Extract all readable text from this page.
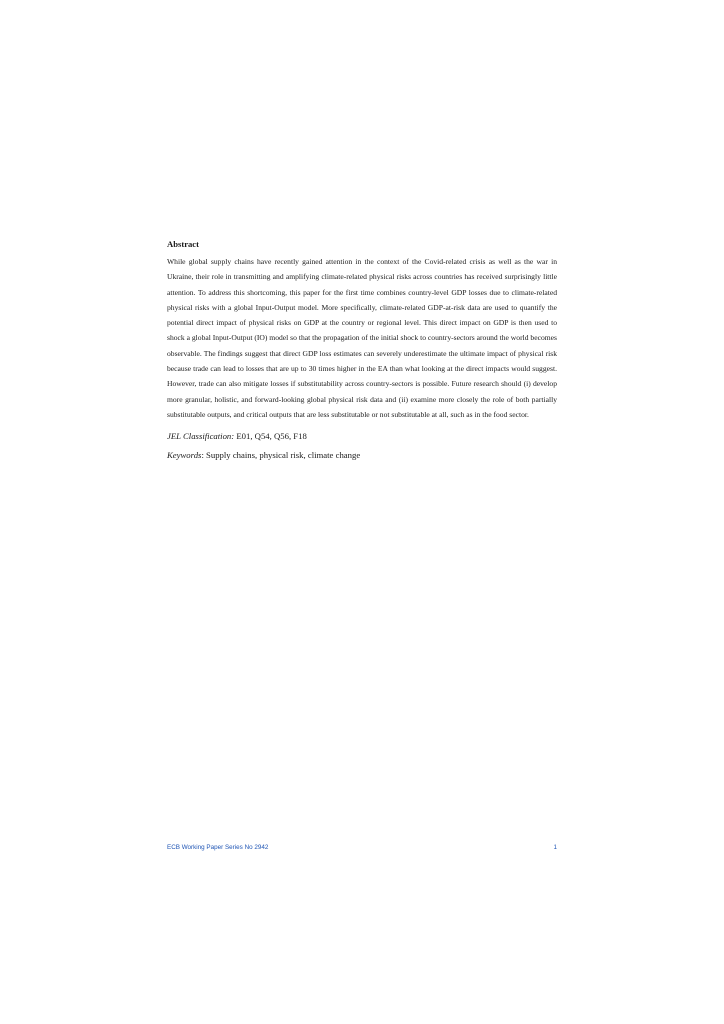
Abstract

While global supply chains have recently gained attention in the context of the Covid-related crisis as well as the war in Ukraine, their role in transmitting and amplifying climate-related physical risks across countries has received surprisingly little attention. To address this shortcoming, this paper for the first time combines country-level GDP losses due to climate-related physical risks with a global Input-Output model. More specifically, climate-related GDP-at-risk data are used to quantify the potential direct impact of physical risks on GDP at the country or regional level. This direct impact on GDP is then used to shock a global Input-Output (IO) model so that the propagation of the initial shock to country-sectors around the world becomes observable. The findings suggest that direct GDP loss estimates can severely underestimate the ultimate impact of physical risk because trade can lead to losses that are up to 30 times higher in the EA than what looking at the direct impacts would suggest. However, trade can also mitigate losses if substitutability across country-sectors is possible. Future research should (i) develop more granular, holistic, and forward-looking global physical risk data and (ii) examine more closely the role of both partially substitutable outputs, and critical outputs that are less substitutable or not substitutable at all, such as in the food sector.

JEL Classification: E01, Q54, Q56, F18

Keywords: Supply chains, physical risk, climate change

ECB Working Paper Series No 2942	1
